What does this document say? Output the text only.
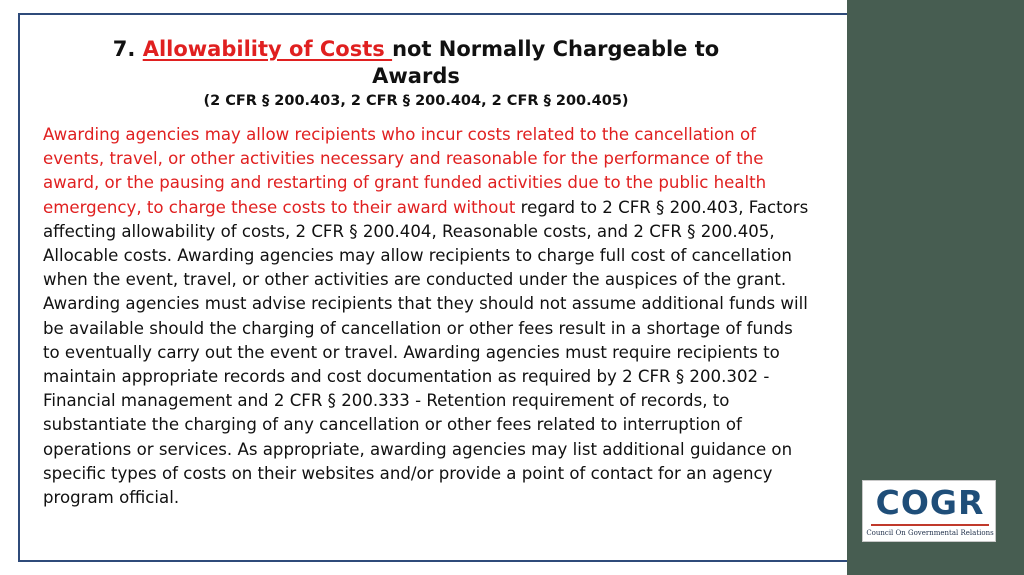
7. Allowability of Costs not Normally Chargeable to
Awards
(2 CFR § 200.403, 2 CFR § 200.404, 2 CFR § 200.405)
Awarding agencies may allow recipients who incur costs related to the cancellation of events, travel, or other activities necessary and reasonable for the performance of the award, or the pausing and restarting of grant funded activities due to the public health emergency, to charge these costs to their award without regard to 2 CFR § 200.403, Factors affecting allowability of costs, 2 CFR § 200.404, Reasonable costs, and 2 CFR § 200.405, Allocable costs. Awarding agencies may allow recipients to charge full cost of cancellation when the event, travel, or other activities are conducted under the auspices of the grant. Awarding agencies must advise recipients that they should not assume additional funds will be available should the charging of cancellation or other fees result in a shortage of funds to eventually carry out the event or travel. Awarding agencies must require recipients to maintain appropriate records and cost documentation as required by 2 CFR § 200.302 - Financial management and 2 CFR § 200.333 - Retention requirement of records, to substantiate the charging of any cancellation or other fees related to interruption of operations or services. As appropriate, awarding agencies may list additional guidance on specific types of costs on their websites and/or provide a point of contact for an agency program official.	COGR
Council On Governmental Relations
